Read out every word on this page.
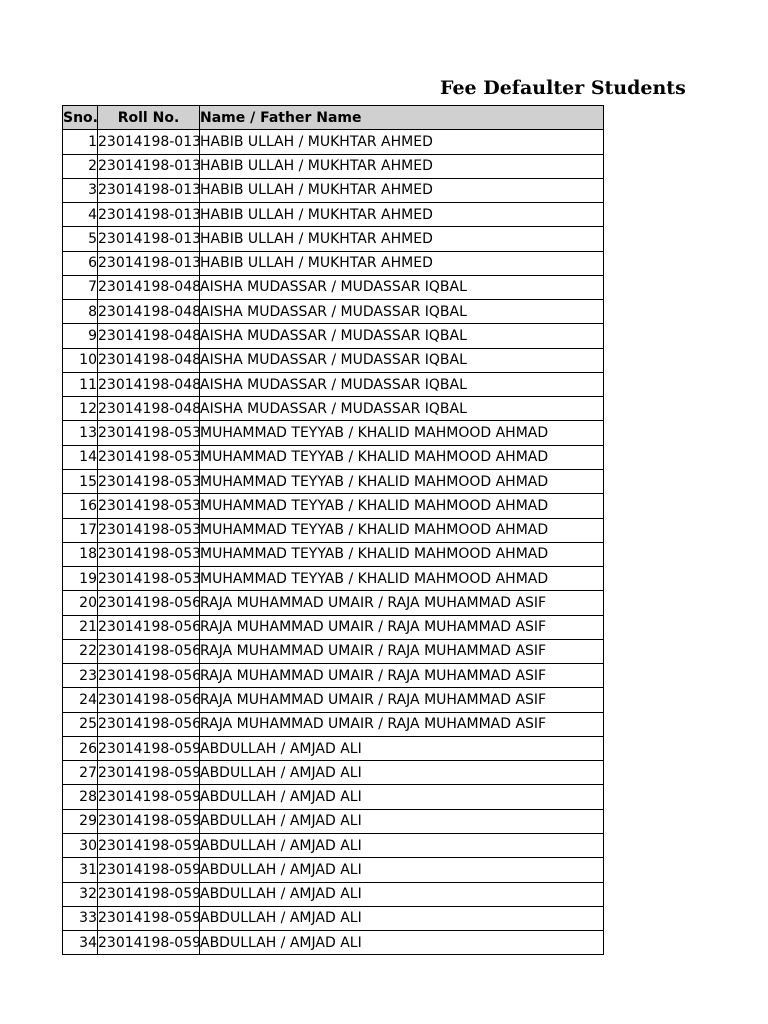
Fee Defaulter Students
Sno.	Roll No.	Name / Father Name
1	23014198-013	HABIB ULLAH / MUKHTAR AHMED
2	23014198-013	HABIB ULLAH / MUKHTAR AHMED
3	23014198-013	HABIB ULLAH / MUKHTAR AHMED
4	23014198-013	HABIB ULLAH / MUKHTAR AHMED
5	23014198-013	HABIB ULLAH / MUKHTAR AHMED
6	23014198-013	HABIB ULLAH / MUKHTAR AHMED
7	23014198-048	AISHA MUDASSAR / MUDASSAR IQBAL
8	23014198-048	AISHA MUDASSAR / MUDASSAR IQBAL
9	23014198-048	AISHA MUDASSAR / MUDASSAR IQBAL
10	23014198-048	AISHA MUDASSAR / MUDASSAR IQBAL
11	23014198-048	AISHA MUDASSAR / MUDASSAR IQBAL
12	23014198-048	AISHA MUDASSAR / MUDASSAR IQBAL
13	23014198-053	MUHAMMAD TEYYAB / KHALID MAHMOOD AHMAD
14	23014198-053	MUHAMMAD TEYYAB / KHALID MAHMOOD AHMAD
15	23014198-053	MUHAMMAD TEYYAB / KHALID MAHMOOD AHMAD
16	23014198-053	MUHAMMAD TEYYAB / KHALID MAHMOOD AHMAD
17	23014198-053	MUHAMMAD TEYYAB / KHALID MAHMOOD AHMAD
18	23014198-053	MUHAMMAD TEYYAB / KHALID MAHMOOD AHMAD
19	23014198-053	MUHAMMAD TEYYAB / KHALID MAHMOOD AHMAD
20	23014198-056	RAJA MUHAMMAD UMAIR / RAJA MUHAMMAD ASIF
21	23014198-056	RAJA MUHAMMAD UMAIR / RAJA MUHAMMAD ASIF
22	23014198-056	RAJA MUHAMMAD UMAIR / RAJA MUHAMMAD ASIF
23	23014198-056	RAJA MUHAMMAD UMAIR / RAJA MUHAMMAD ASIF
24	23014198-056	RAJA MUHAMMAD UMAIR / RAJA MUHAMMAD ASIF
25	23014198-056	RAJA MUHAMMAD UMAIR / RAJA MUHAMMAD ASIF
26	23014198-059	ABDULLAH / AMJAD ALI
27	23014198-059	ABDULLAH / AMJAD ALI
28	23014198-059	ABDULLAH / AMJAD ALI
29	23014198-059	ABDULLAH / AMJAD ALI
30	23014198-059	ABDULLAH / AMJAD ALI
31	23014198-059	ABDULLAH / AMJAD ALI
32	23014198-059	ABDULLAH / AMJAD ALI
33	23014198-059	ABDULLAH / AMJAD ALI
34	23014198-059	ABDULLAH / AMJAD ALI
